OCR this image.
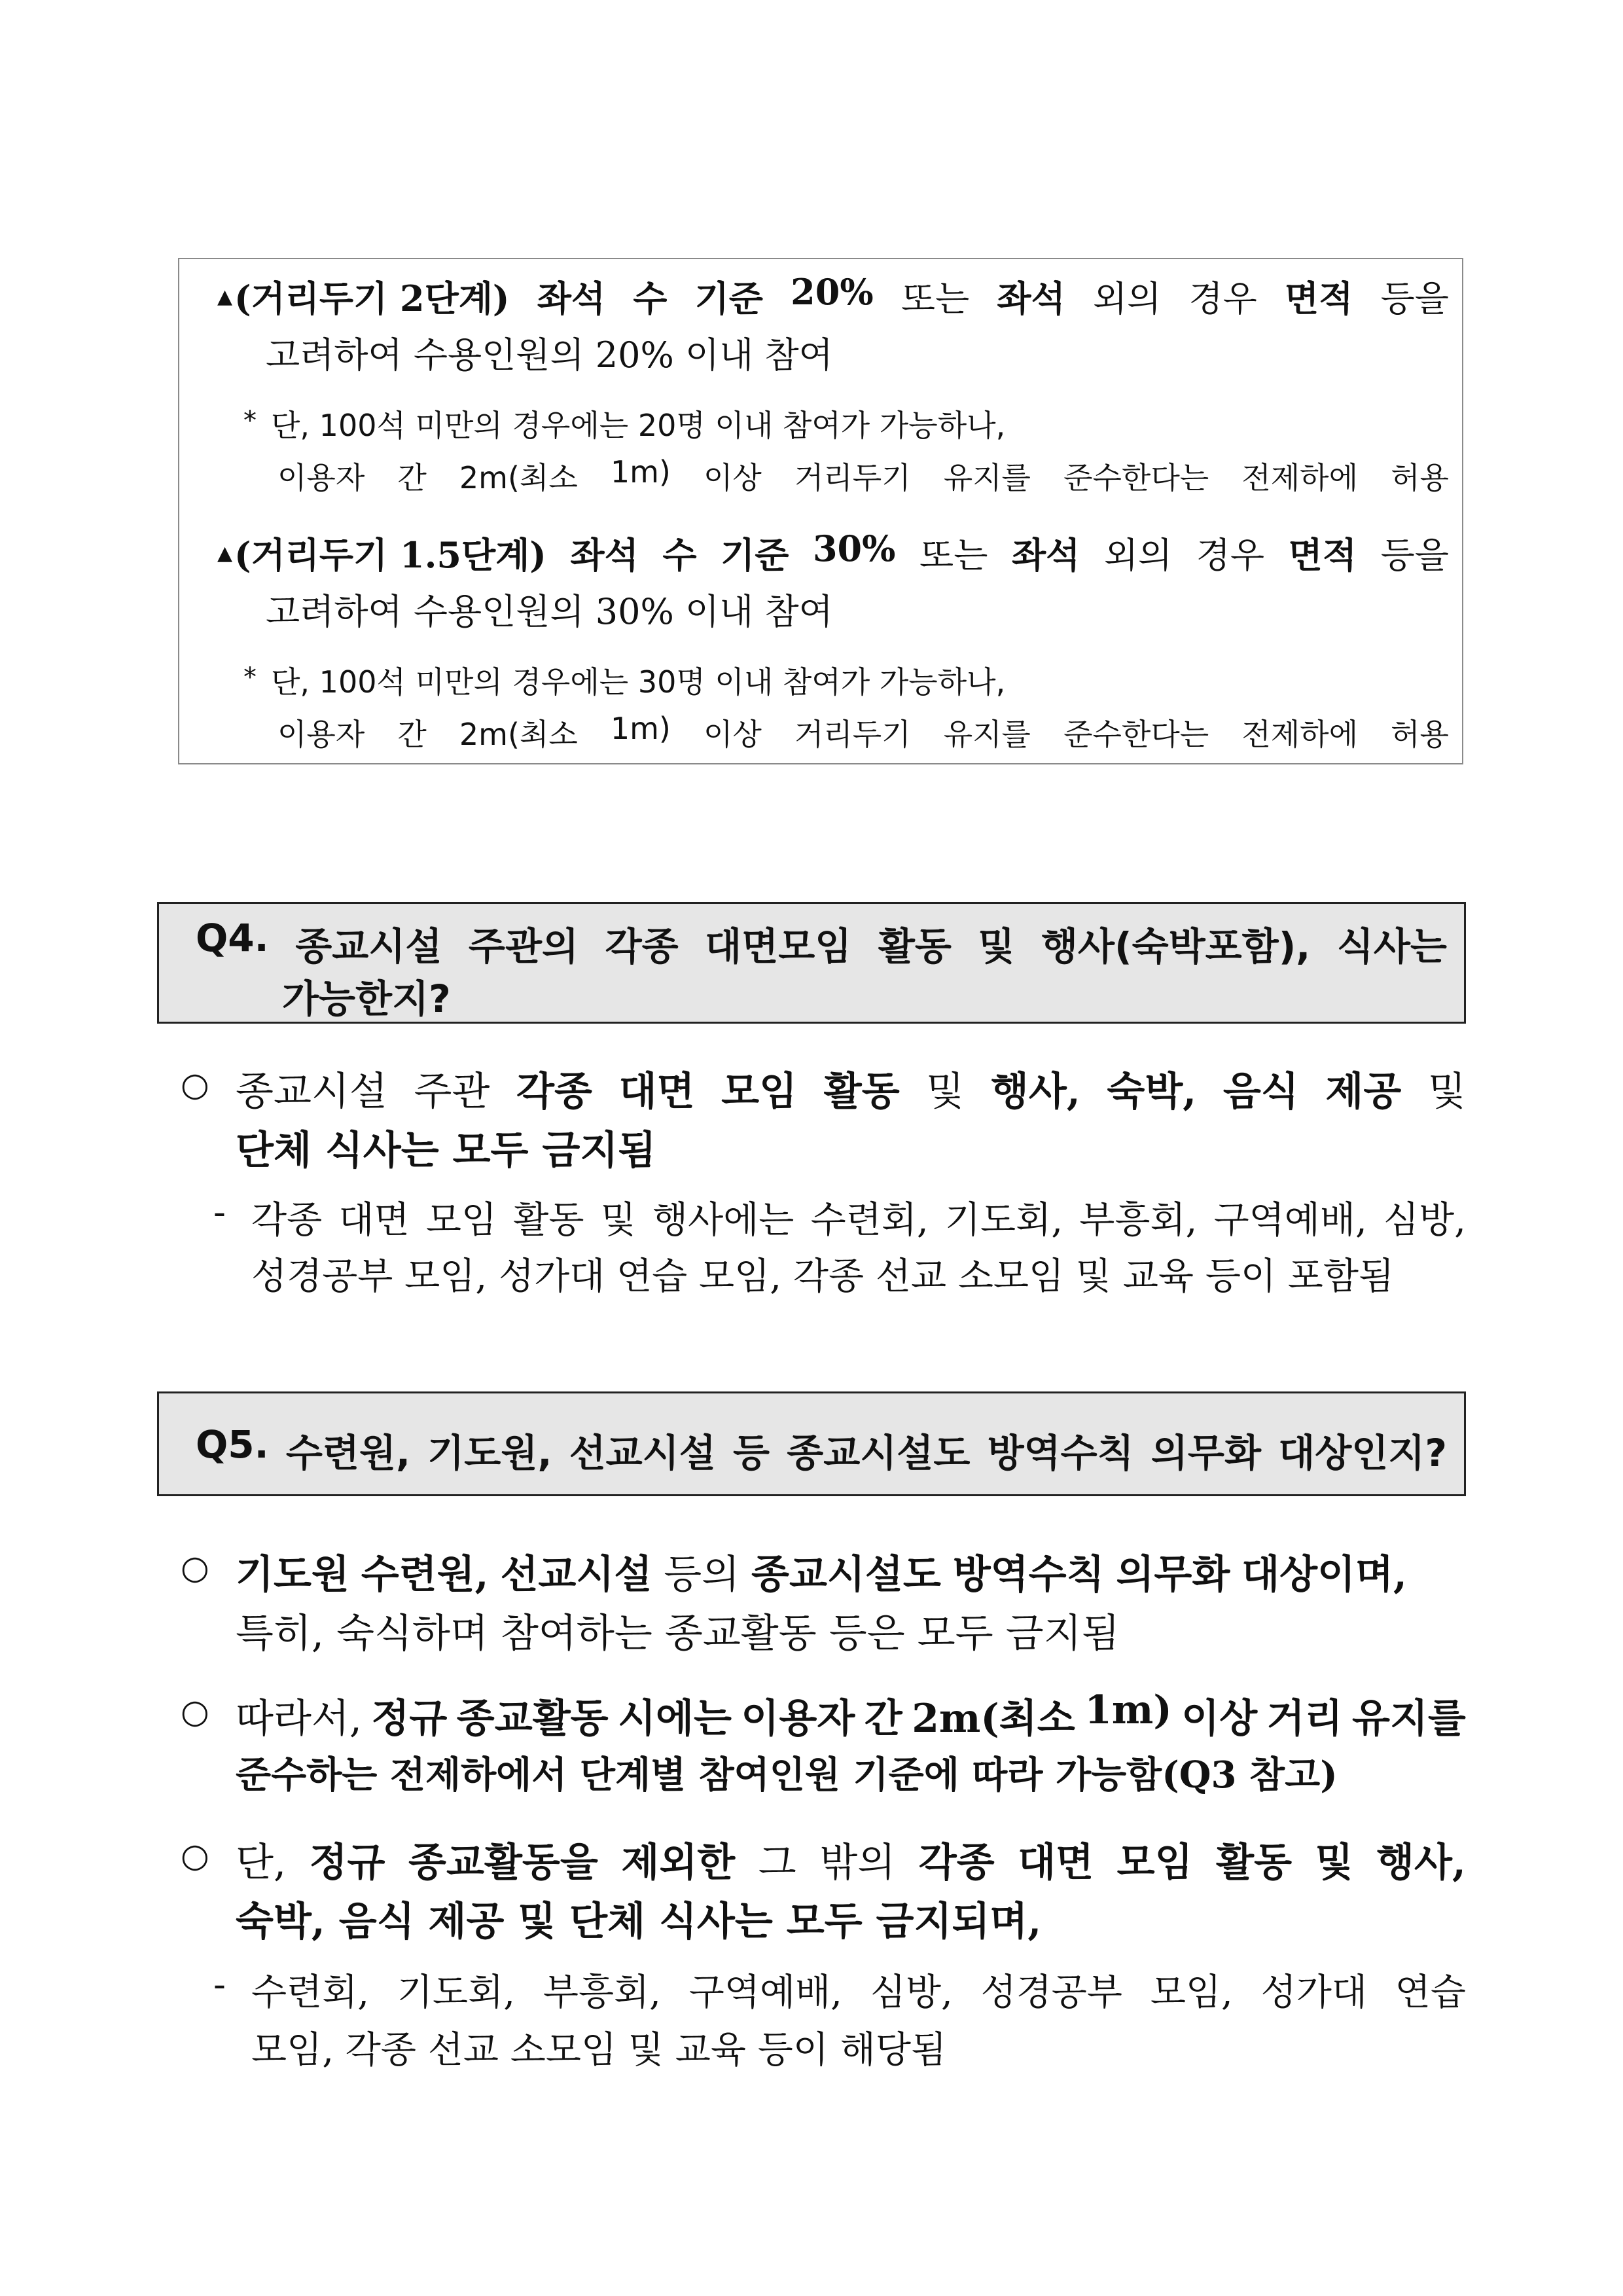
▲ (거리두기 2단계) 좌석 수 기준 20% 또는 좌석 외의 경우 면적 등을
고려하여 수용인원의 20% 이내 참여
* 단, 100석 미만의 경우에는 20명 이내 참여가 가능하나,
이용자 간 2m(최소 1m) 이상 거리두기 유지를 준수한다는 전제하에 허용
▲ (거리두기 1.5단계) 좌석 수 기준 30% 또는 좌석 외의 경우 면적 등을
고려하여 수용인원의 30% 이내 참여
* 단, 100석 미만의 경우에는 30명 이내 참여가 가능하나,
이용자 간 2m(최소 1m) 이상 거리두기 유지를 준수한다는 전제하에 허용
Q4. 종교시설 주관의 각종 대면모임 활동 및 행사(숙박포함), 식사는
가능한지?
○ 종교시설 주관 각종 대면 모임 활동 및 행사, 숙박, 음식 제공 및
단체 식사는 모두 금지됨
- 각종 대면 모임 활동 및 행사에는 수련회, 기도회, 부흥회, 구역예배, 심방,
성경공부 모임, 성가대 연습 모임, 각종 선교 소모임 및 교육 등이 포함됨
Q5. 수련원, 기도원, 선교시설 등 종교시설도 방역수칙 의무화 대상인지?
○ 기도원 수련원, 선교시설 등의 종교시설도 방역수칙 의무화 대상이며,
특히, 숙식하며 참여하는 종교활동 등은 모두 금지됨
○ 따라서, 정규 종교활동 시에는 이용자 간 2m(최소 1m) 이상 거리 유지를
준수하는 전제하에서 단계별 참여인원 기준에 따라 가능함(Q3 참고)
○ 단, 정규 종교활동을 제외한 그 밖의 각종 대면 모임 활동 및 행사,
숙박, 음식 제공 및 단체 식사는 모두 금지되며,
- 수련회, 기도회, 부흥회, 구역예배, 심방, 성경공부 모임, 성가대 연습
모임, 각종 선교 소모임 및 교육 등이 해당됨
